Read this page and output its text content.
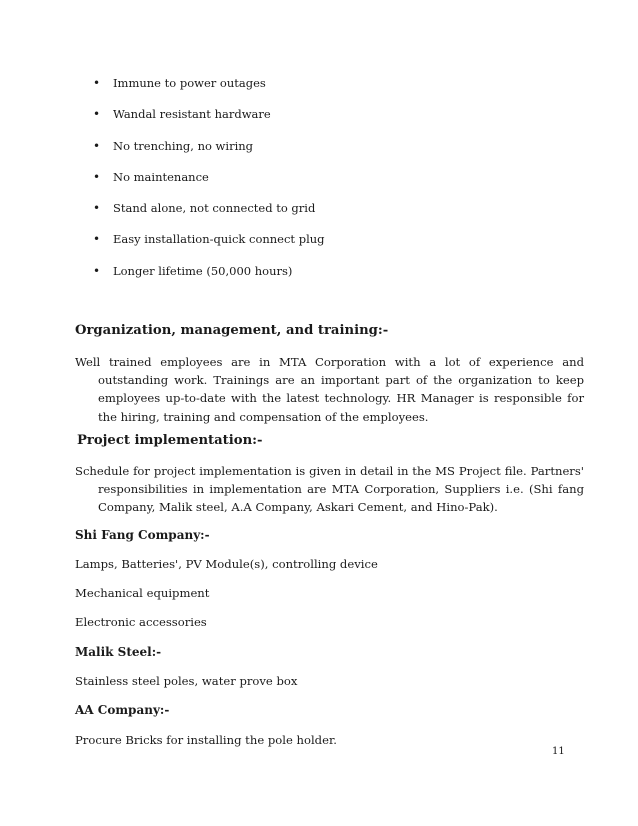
• Immune to power outages
• Wandal resistant hardware
• No trenching, no wiring
• No maintenance
• Stand alone, not connected to grid
• Easy installation-quick connect plug
• Longer lifetime (50,000 hours)
Organization, management, and training:-

Well trained employees are in MTA Corporation with a lot of experience and outstanding work. Trainings are an important part of the organization to keep employees up-to-date with the latest technology. HR Manager is responsible for the hiring, training and compensation of the employees.

Project implementation:-

Schedule for project implementation is given in detail in the MS Project file. Partners' responsibilities in implementation are MTA Corporation, Suppliers i.e. (Shi fang Company, Malik steel, A.A Company, Askari Cement, and Hino-Pak).

Shi Fang Company:-
Lamps, Batteries', PV Module(s), controlling device
Mechanical equipment
Electronic accessories
Malik Steel:-
Stainless steel poles, water prove box
AA Company:-
Procure Bricks for installing the pole holder.
11
